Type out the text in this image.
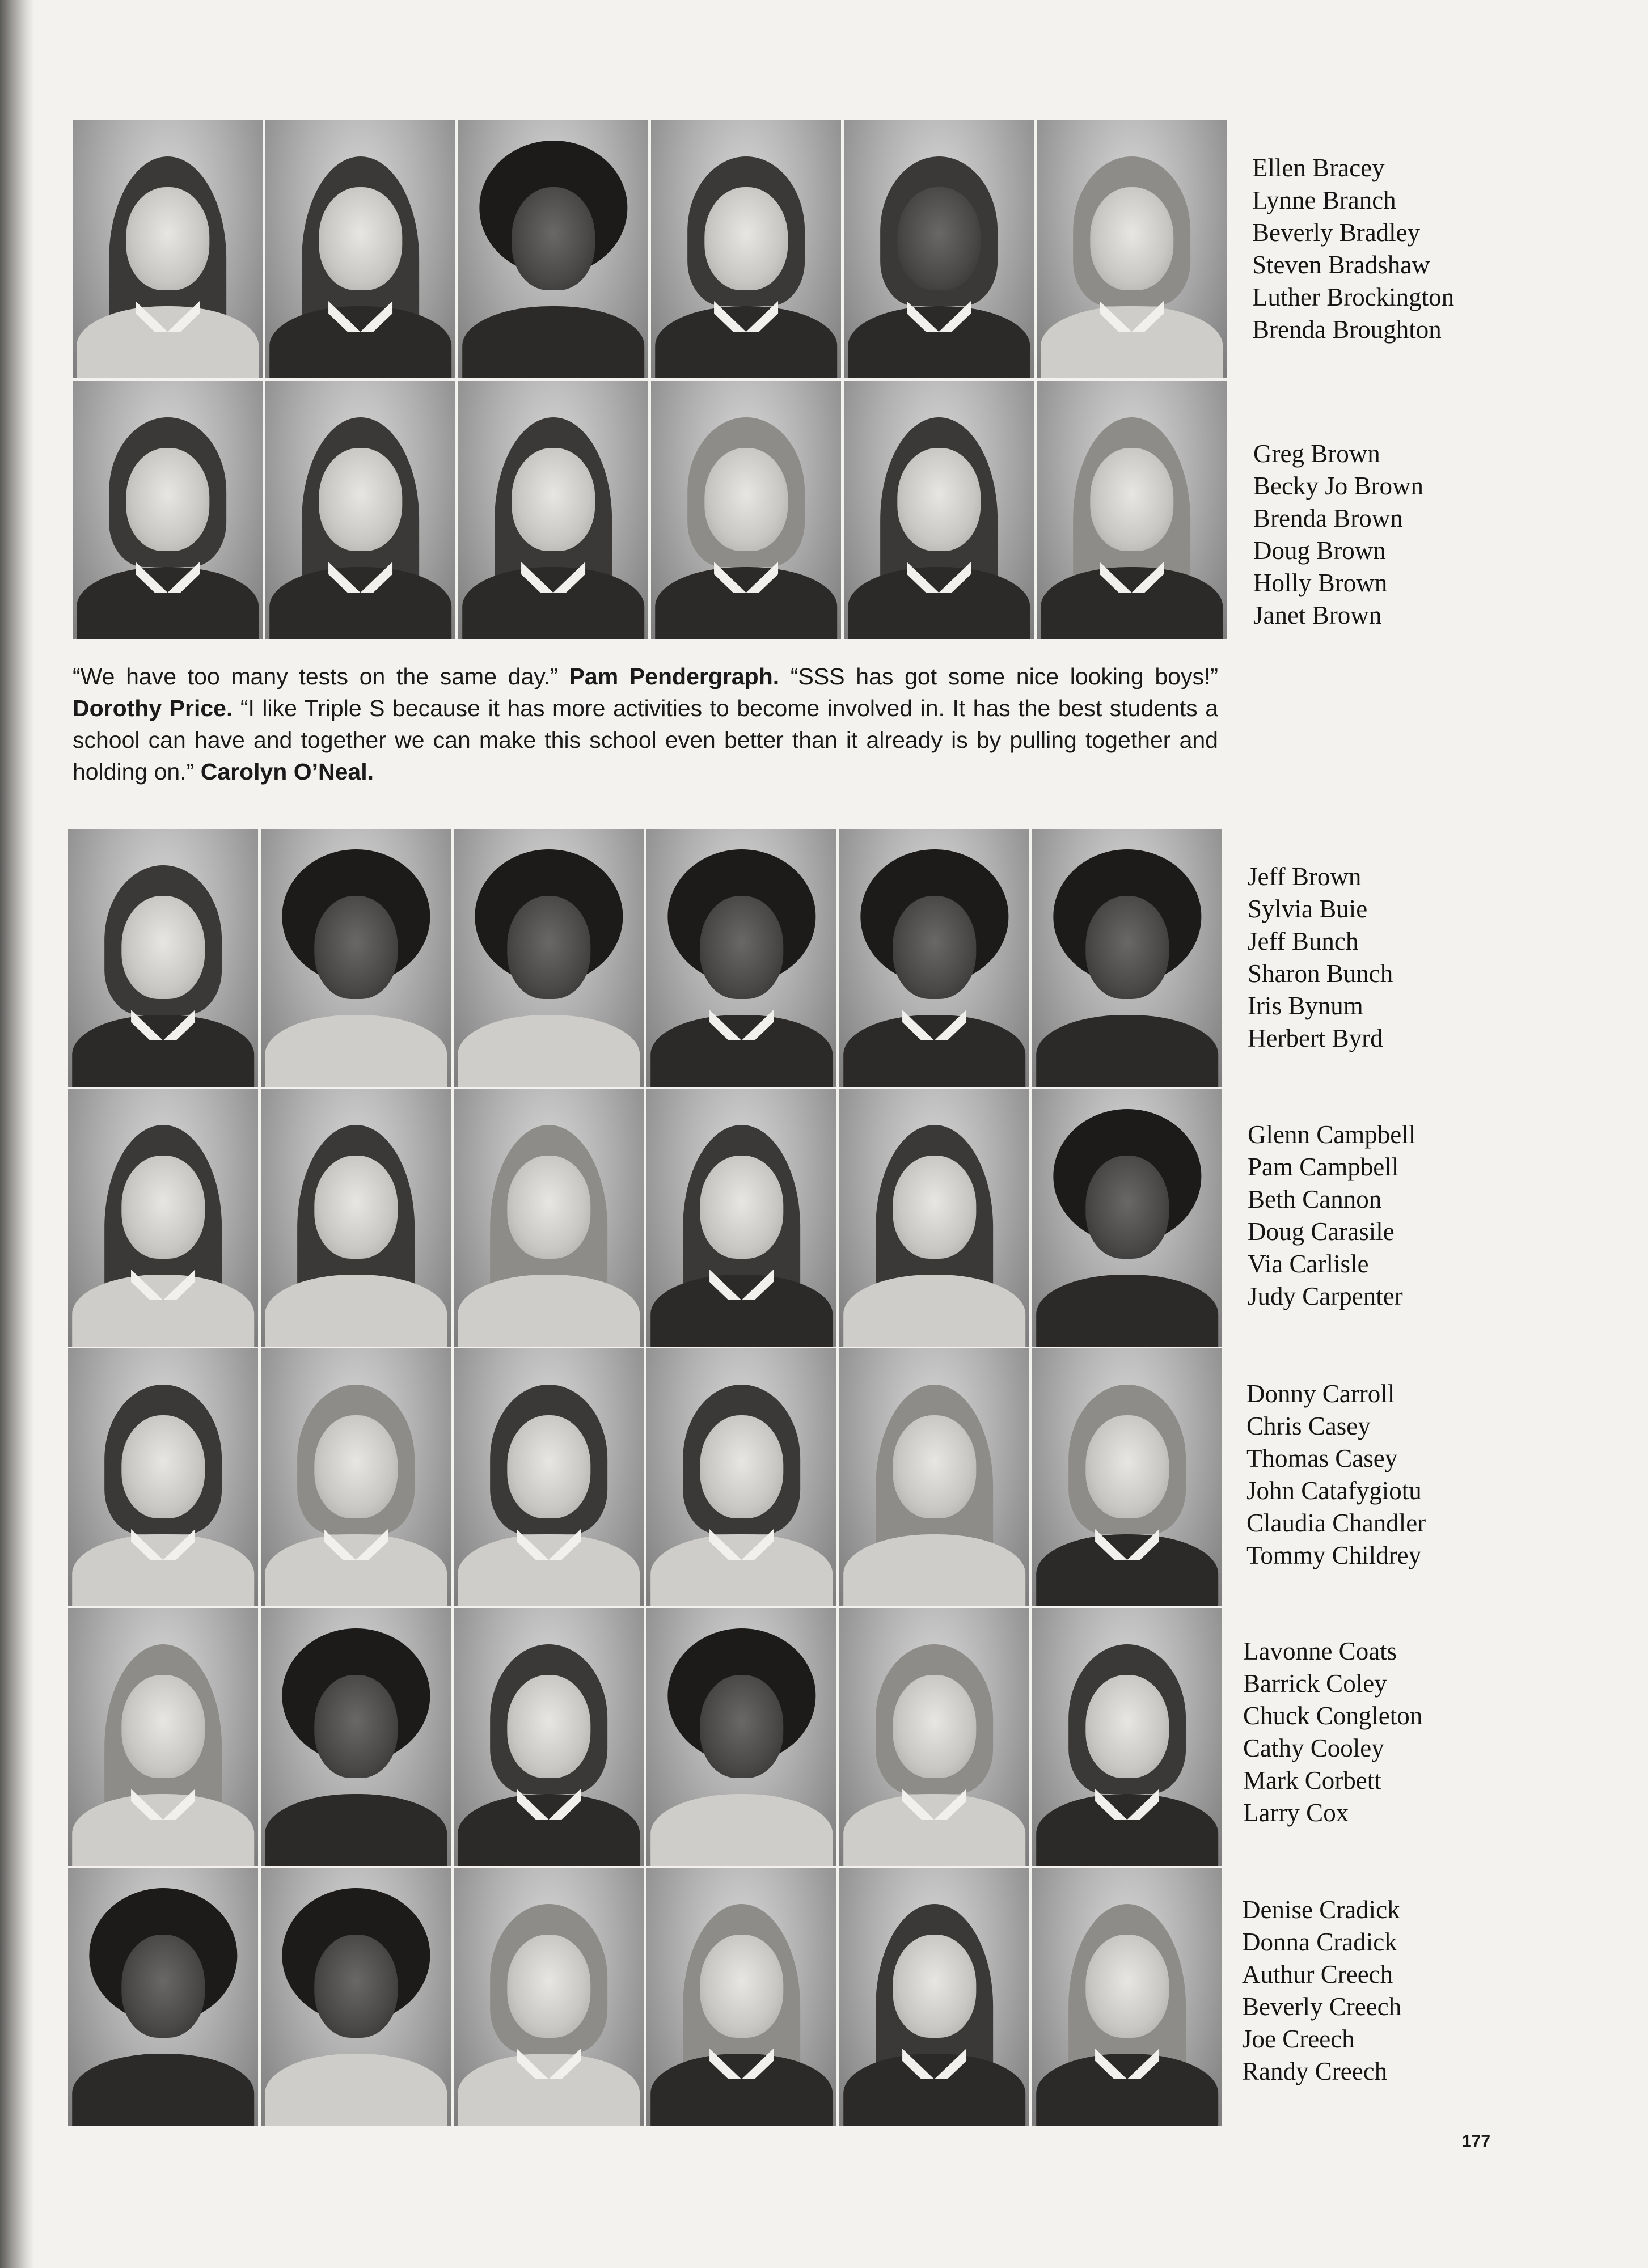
Ellen Bracey
Lynne Branch
Beverly Bradley
Steven Bradshaw
Luther Brockington
Brenda Broughton
Greg Brown
Becky Jo Brown
Brenda Brown
Doug Brown
Holly Brown
Janet Brown
“We have too many tests on the same day.” Pam Pendergraph. “SSS has got some nice looking boys!” Dorothy Price. “I like Triple S because it has more activities to become involved in. It has the best students a school can have and together we can make this school even better than it already is by pulling together and holding on.” Carolyn O’Neal.
Jeff Brown
Sylvia Buie
Jeff Bunch
Sharon Bunch
Iris Bynum
Herbert Byrd
Glenn Campbell
Pam Campbell
Beth Cannon
Doug Carasile
Via Carlisle
Judy Carpenter
Donny Carroll
Chris Casey
Thomas Casey
John Catafygiotu
Claudia Chandler
Tommy Childrey
Lavonne Coats
Barrick Coley
Chuck Congleton
Cathy Cooley
Mark Corbett
Larry Cox
Denise Cradick
Donna Cradick
Authur Creech
Beverly Creech
Joe Creech
Randy Creech
177
